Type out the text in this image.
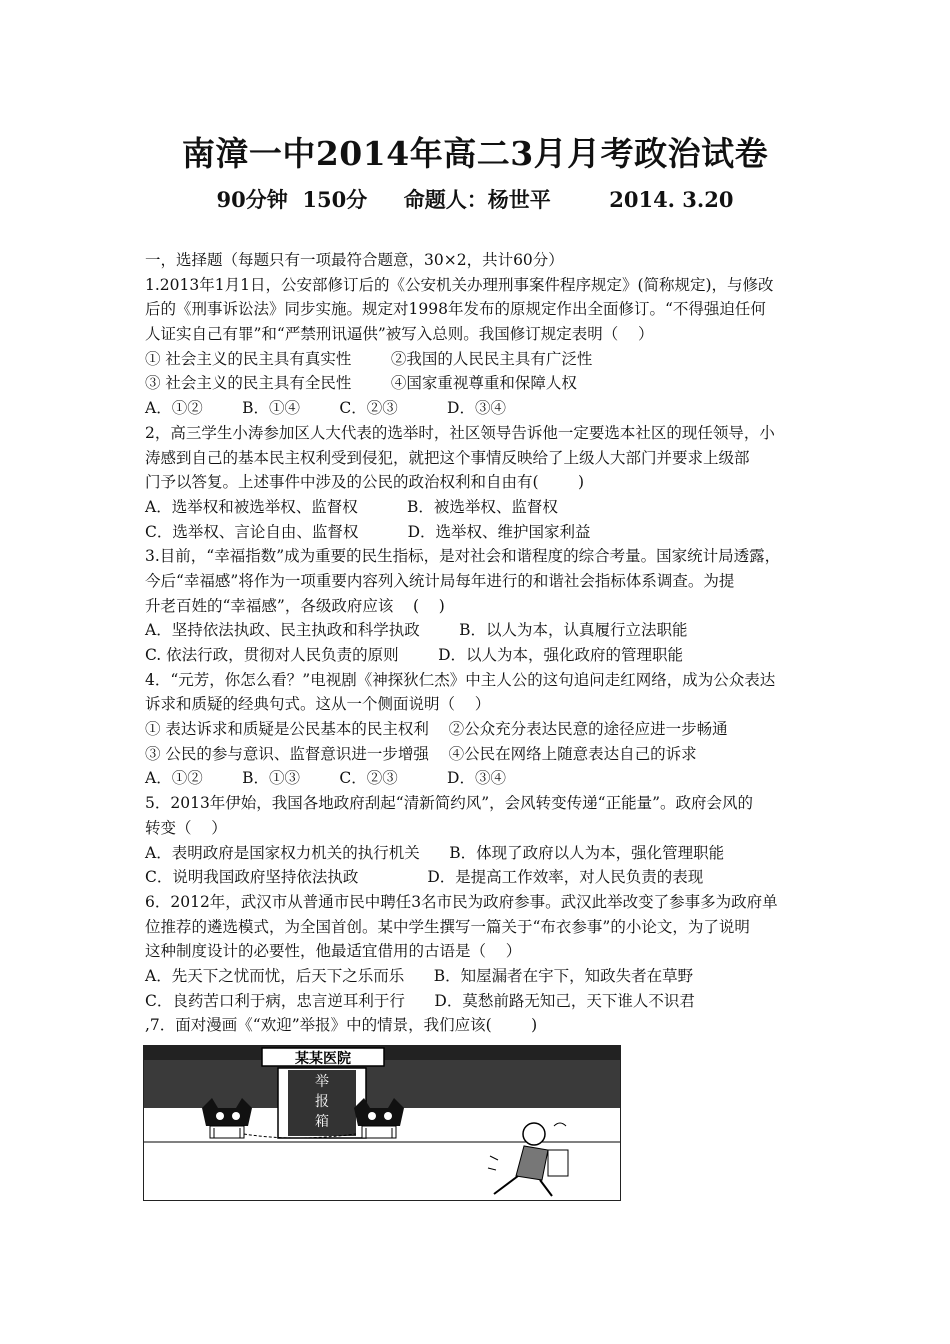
南漳一中2014年高二3月月考政治试卷
90分钟  150分     命题人：杨世平        2014. 3.20
一，选择题（每题只有一项最符合题意，30×2，共计60分）
1.2013年1月1日，公安部修订后的《公安机关办理刑事案件程序规定》(简称规定)，与修改
后的《刑事诉讼法》同步实施。规定对1998年发布的原规定作出全面修订。“不得强迫任何
人证实自己有罪”和“严禁刑讯逼供”被写入总则。我国修订规定表明（    ）
① 社会主义的民主具有真实性        ②我国的人民民主具有广泛性
③ 社会主义的民主具有全民性        ④国家重视尊重和保障人权
A．①②        B．①④        C．②③          D．③④
2，高三学生小涛参加区人大代表的选举时，社区领导告诉他一定要选本社区的现任领导，小
涛感到自己的基本民主权利受到侵犯，就把这个事情反映给了上级人大部门并要求上级部
门予以答复。上述事件中涉及的公民的政治权利和自由有(        )
A．选举权和被选举权、监督权          B．被选举权、监督权
C．选举权、言论自由、监督权          D．选举权、维护国家利益
3.目前，“幸福指数”成为重要的民生指标，是对社会和谐程度的综合考量。国家统计局透露，
今后“幸福感”将作为一项重要内容列入统计局每年进行的和谐社会指标体系调查。为提
升老百姓的“幸福感”，各级政府应该    (    )
A．坚持依法执政、民主执政和科学执政        B．以人为本，认真履行立法职能
C. 依法行政，贯彻对人民负责的原则        D．以人为本，强化政府的管理职能
4．“元芳，你怎么看？”电视剧《神探狄仁杰》中主人公的这句追问走红网络，成为公众表达
诉求和质疑的经典句式。这从一个侧面说明（    ）
① 表达诉求和质疑是公民基本的民主权利    ②公众充分表达民意的途径应进一步畅通
③ 公民的参与意识、监督意识进一步增强    ④公民在网络上随意表达自己的诉求
A．①②        B．①③        C．②③          D．③④
5．2013年伊始，我国各地政府刮起“清新简约风”，会风转变传递“正能量”。政府会风的
转变（    ）
A．表明政府是国家权力机关的执行机关      B．体现了政府以人为本，强化管理职能
C．说明我国政府坚持依法执政              D．是提高工作效率，对人民负责的表现
6．2012年，武汉市从普通市民中聘任3名市民为政府参事。武汉此举改变了参事多为政府单
位推荐的遴选模式，为全国首创。某中学生撰写一篇关于“布衣参事”的小论文，为了说明
这种制度设计的必要性，他最适宜借用的古语是（    ）
A．先天下之忧而忧，后天下之乐而乐      B．知屋漏者在宇下，知政失者在草野
C．良药苦口利于病，忠言逆耳利于行      D．莫愁前路无知己，天下谁人不识君
,7．面对漫画《“欢迎”举报》中的情景，我们应该(        )
某某医院
举
报
箱
